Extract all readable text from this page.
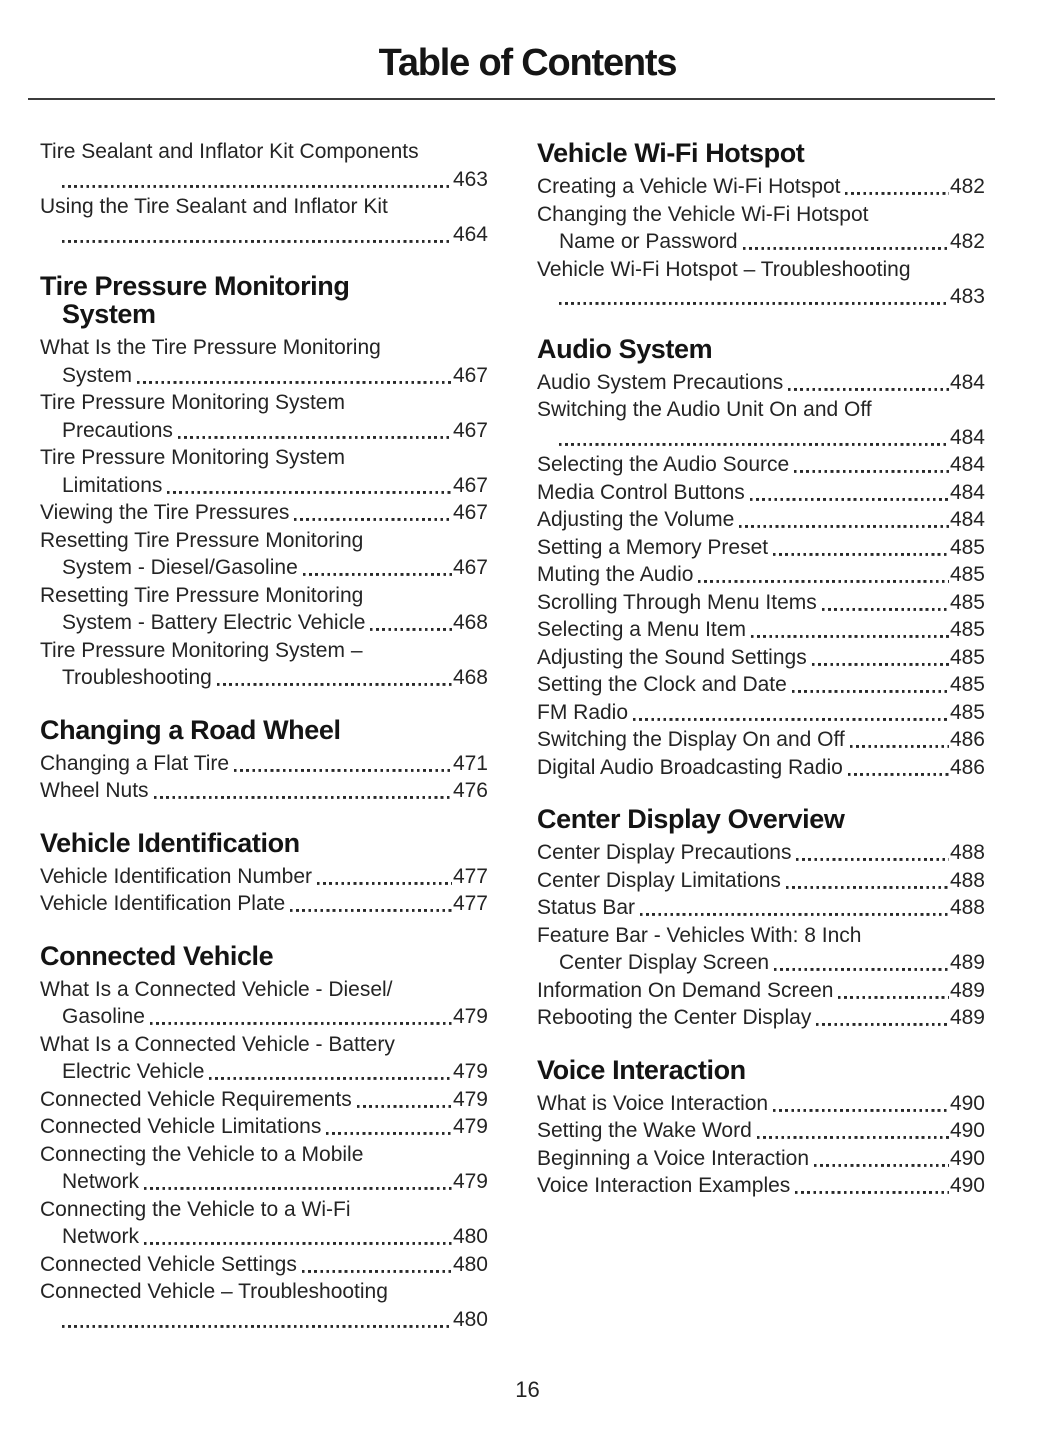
Table of Contents
Tire Sealant and Inflator Kit Components
463
Using the Tire Sealant and Inflator Kit
464
Tire Pressure Monitoring
System
What Is the Tire Pressure Monitoring
System	467
Tire Pressure Monitoring System
Precautions	467
Tire Pressure Monitoring System
Limitations	467
Viewing the Tire Pressures	467
Resetting Tire Pressure Monitoring
System - Diesel/Gasoline	467
Resetting Tire Pressure Monitoring
System - Battery Electric Vehicle	468
Tire Pressure Monitoring System –
Troubleshooting	468
Changing a Road Wheel
Changing a Flat Tire	471
Wheel Nuts	476
Vehicle Identification
Vehicle Identification Number	477
Vehicle Identification Plate	477
Connected Vehicle
What Is a Connected Vehicle - Diesel/
Gasoline	479
What Is a Connected Vehicle - Battery
Electric Vehicle	479
Connected Vehicle Requirements	479
Connected Vehicle Limitations	479
Connecting the Vehicle to a Mobile
Network	479
Connecting the Vehicle to a Wi-Fi
Network	480
Connected Vehicle Settings	480
Connected Vehicle – Troubleshooting
480
Vehicle Wi-Fi Hotspot
Creating a Vehicle Wi-Fi Hotspot	482
Changing the Vehicle Wi-Fi Hotspot
Name or Password	482
Vehicle Wi-Fi Hotspot – Troubleshooting
483
Audio System
Audio System Precautions	484
Switching the Audio Unit On and Off
484
Selecting the Audio Source	484
Media Control Buttons	484
Adjusting the Volume	484
Setting a Memory Preset	485
Muting the Audio	485
Scrolling Through Menu Items	485
Selecting a Menu Item	485
Adjusting the Sound Settings	485
Setting the Clock and Date	485
FM Radio	485
Switching the Display On and Off	486
Digital Audio Broadcasting Radio	486
Center Display Overview
Center Display Precautions	488
Center Display Limitations	488
Status Bar	488
Feature Bar - Vehicles With: 8 Inch
Center Display Screen	489
Information On Demand Screen	489
Rebooting the Center Display	489
Voice Interaction
What is Voice Interaction	490
Setting the Wake Word	490
Beginning a Voice Interaction	490
Voice Interaction Examples	490
16
